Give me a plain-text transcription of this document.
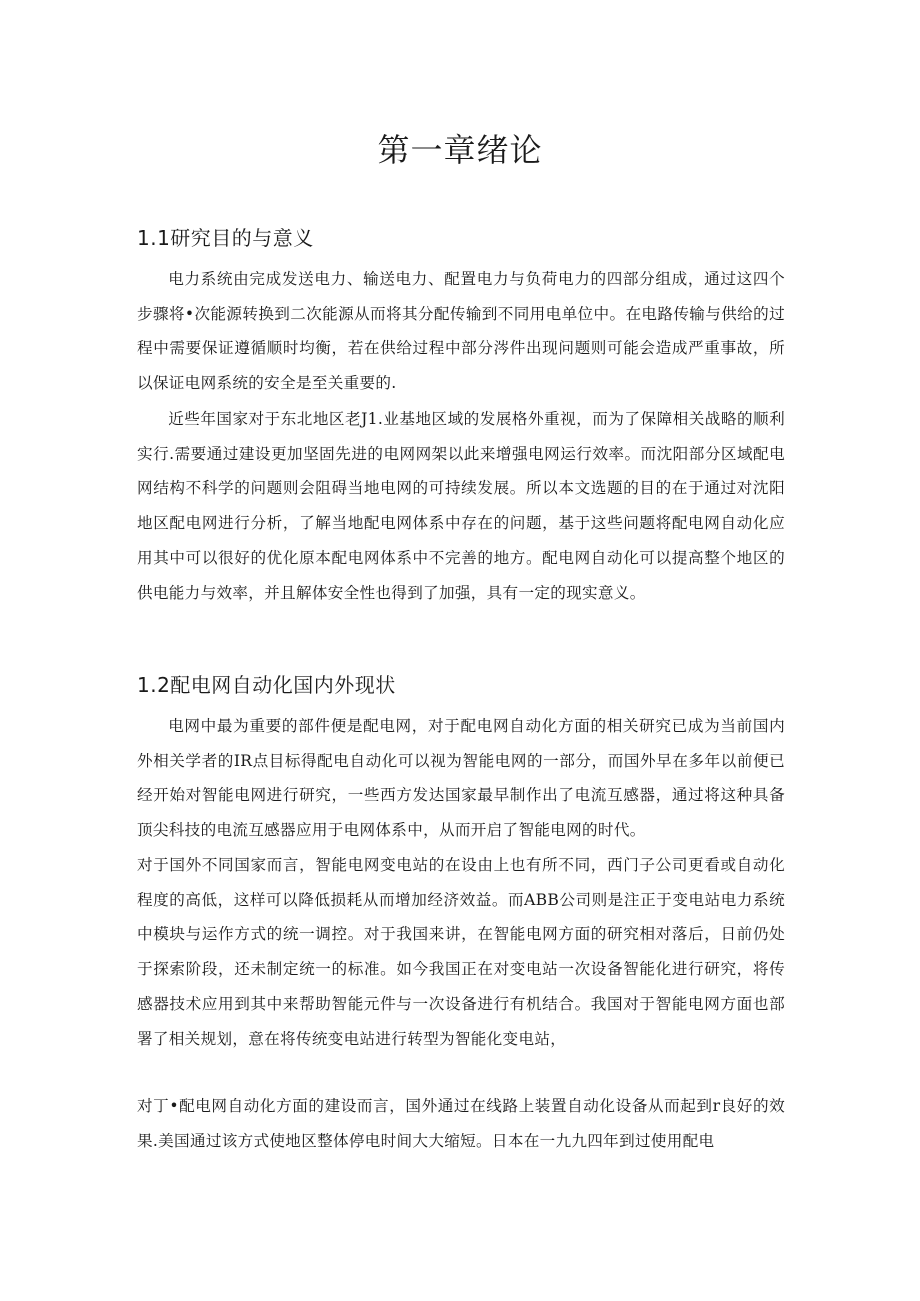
第一章绪论
1.1研究目的与意义

电力系统由完成发送电力、输送电力、配置电力与负荷电力的四部分组成，通过这四个步骤将•次能源转换到二次能源从而将其分配传输到不同用电单位中。在电路传输与供给的过程中需要保证遵循顺时均衡，若在供给过程中部分涔件出现问题则可能会造成严重事故，所以保证电网系统的安全是至关重要的.

近些年国家对于东北地区老J1.业基地区域的发展格外重视，而为了保障相关战略的顺利实行.需要通过建设更加坚固先进的电网网架以此来增强电网运行效率。而沈阳部分区域配电网结构不科学的问题则会阻碍当地电网的可持续发展。所以本文选题的目的在于通过对沈阳地区配电网进行分析，了解当地配电网体系中存在的问题，基于这些问题将配电网自动化应用其中可以很好的优化原本配电网体系中不完善的地方。配电网自动化可以提高整个地区的供电能力与效率，并且解体安全性也得到了加强，具有一定的现实意义。

1.2配电网自动化国内外现状

电网中最为重要的部件便是配电网，对于配电网自动化方面的相关研究已成为当前国内外相关学者的IR点目标得配电自动化可以视为智能电网的一部分，而国外早在多年以前便已经开始对智能电网进行研究，一些西方发达国家最早制作出了电流互感器，通过将这种具备顶尖科技的电流互感器应用于电网体系中，从而开启了智能电网的时代。

对于国外不同国家而言，智能电网变电站的在设由上也有所不同，西门子公司更看或自动化程度的高低，这样可以降低损耗从而增加经济效益。而ABB公司则是注正于变电站电力系统中模块与运作方式的统一调控。对于我国来讲，在智能电网方面的研究相对落后，日前仍处于探索阶段，还未制定统一的标准。如今我国正在对变电站一次设备智能化进行研究，将传感器技术应用到其中来帮助智能元件与一次设备进行有机结合。我国对于智能电网方面也部署了相关规划，意在将传统变电站进行转型为智能化变电站，

对丁•配电网自动化方面的建设而言，国外通过在线路上装置自动化设备从而起到r良好的效果.美国通过该方式使地区整体停电时间大大缩短。日本在一九九四年到过使用配电
